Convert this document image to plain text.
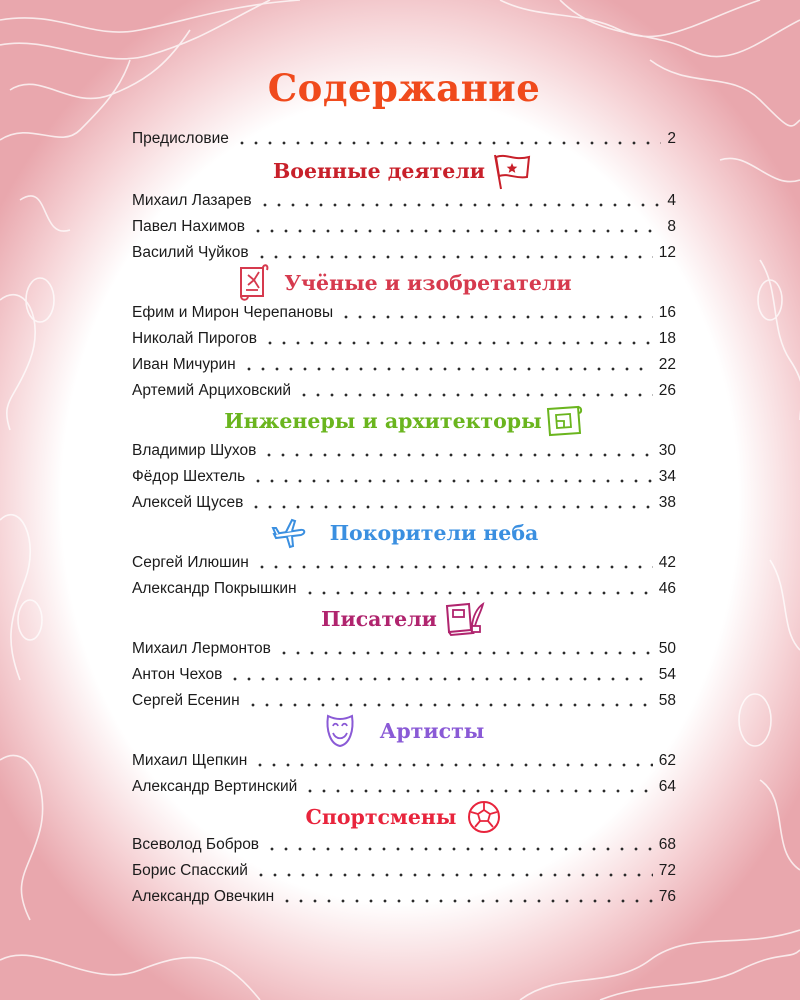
Содержание
Предисловие	2
Военные деятели
Михаил Лазарев	4
Павел Нахимов	8
Василий Чуйков	12
Учёные и изобретатели
Ефим и Мирон Черепановы	16
Николай Пирогов	18
Иван Мичурин	22
Артемий Арциховский	26
Инженеры и архитекторы
Владимир Шухов	30
Фёдор Шехтель	34
Алексей Щусев	38
Покорители неба
Сергей Илюшин	42
Александр Покрышкин	46
Писатели
Михаил Лермонтов	50
Антон Чехов	54
Сергей Есенин	58
Артисты
Михаил Щепкин	62
Александр Вертинский	64
Спортсмены
Всеволод Бобров	68
Борис Спасский	72
Александр Овечкин	76
